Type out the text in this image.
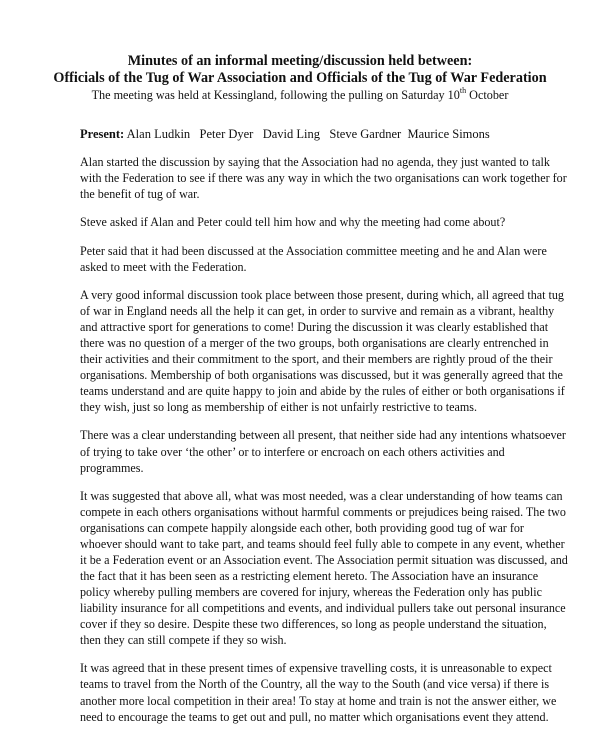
Minutes of an informal meeting/discussion held between:
Officials of the Tug of War Association and Officials of the Tug of War Federation
The meeting was held at Kessingland, following the pulling on Saturday 10th October
Present: Alan Ludkin   Peter Dyer   David Ling   Steve Gardner  Maurice Simons

Alan started the discussion by saying that the Association had no agenda, they just wanted to talk with the Federation to see if there was any way in which the two organisations can work together for the benefit of tug of war.

Steve asked if Alan and Peter could tell him how and why the meeting had come about?

Peter said that it had been discussed at the Association committee meeting and he and Alan were asked to meet with the Federation.

A very good informal discussion took place between those present, during which, all agreed that tug of war in England needs all the help it can get, in order to survive and remain as a vibrant, healthy and attractive sport for generations to come! During the discussion it was clearly established that there was no question of a merger of the two groups, both organisations are clearly entrenched in their activities and their commitment to the sport, and their members are rightly proud of the their organisations. Membership of both organisations was discussed, but it was generally agreed that the teams understand and are quite happy to join and abide by the rules of either or both organisations if they wish, just so long as membership of either is not unfairly restrictive to teams.

There was a clear understanding between all present, that neither side had any intentions whatsoever of trying to take over ‘the other’ or to interfere or encroach on each others activities and programmes.

It was suggested that above all, what was most needed, was a clear understanding of how teams can compete in each others organisations without harmful comments or prejudices being raised. The two organisations can compete happily alongside each other, both providing good tug of war for whoever should want to take part, and teams should feel fully able to compete in any event, whether it be a Federation event or an Association event. The Association permit situation was discussed, and the fact that it has been seen as a restricting element hereto. The Association have an insurance policy whereby pulling members are covered for injury, whereas the Federation only has public liability insurance for all competitions and events, and individual pullers take out personal insurance cover if they so desire. Despite these two differences, so long as people understand the situation, then they can still compete if they so wish.

It was agreed that in these present times of expensive travelling costs, it is unreasonable to expect teams to travel from the North of the Country, all the way to the South (and vice versa) if there is another more local competition in their area! To stay at home and train is not the answer either, we need to encourage the teams to get out and pull, no matter which organisations event they attend.
